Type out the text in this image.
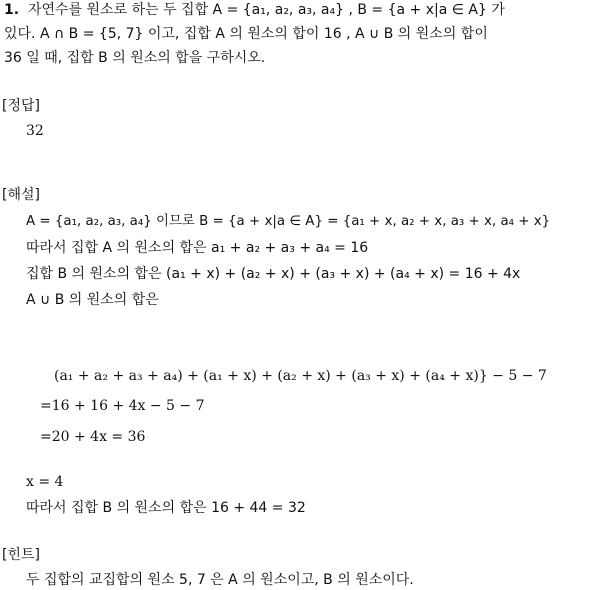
1. 자연수를 원소로 하는 두 집합 A = {a₁, a₂, a₃, a₄} , B = {a + x|a ∈ A} 가
있다. A ∩ B = {5, 7} 이고, 집합 A 의 원소의 합이 16 , A ∪ B 의 원소의 합이
36 일 때, 집합 B 의 원소의 합을 구하시오.
[정답]
32
[해설]
A = {a₁, a₂, a₃, a₄} 이므로 B = {a + x|a ∈ A} = {a₁ + x, a₂ + x, a₃ + x, a₄ + x}
따라서 집합 A 의 원소의 합은 a₁ + a₂ + a₃ + a₄ = 16
집합 B 의 원소의 합은 (a₁ + x) + (a₂ + x) + (a₃ + x) + (a₄ + x) = 16 + 4x
A ∪ B 의 원소의 합은
(a₁ + a₂ + a₃ + a₄) + (a₁ + x) + (a₂ + x) + (a₃ + x) + (a₄ + x)} − 5 − 7
=16 + 16 + 4x − 5 − 7
=20 + 4x = 36
x = 4
따라서 집합 B 의 원소의 합은 16 + 44 = 32
[힌트]
두 집합의 교집합의 원소 5, 7 은 A 의 원소이고, B 의 원소이다.
